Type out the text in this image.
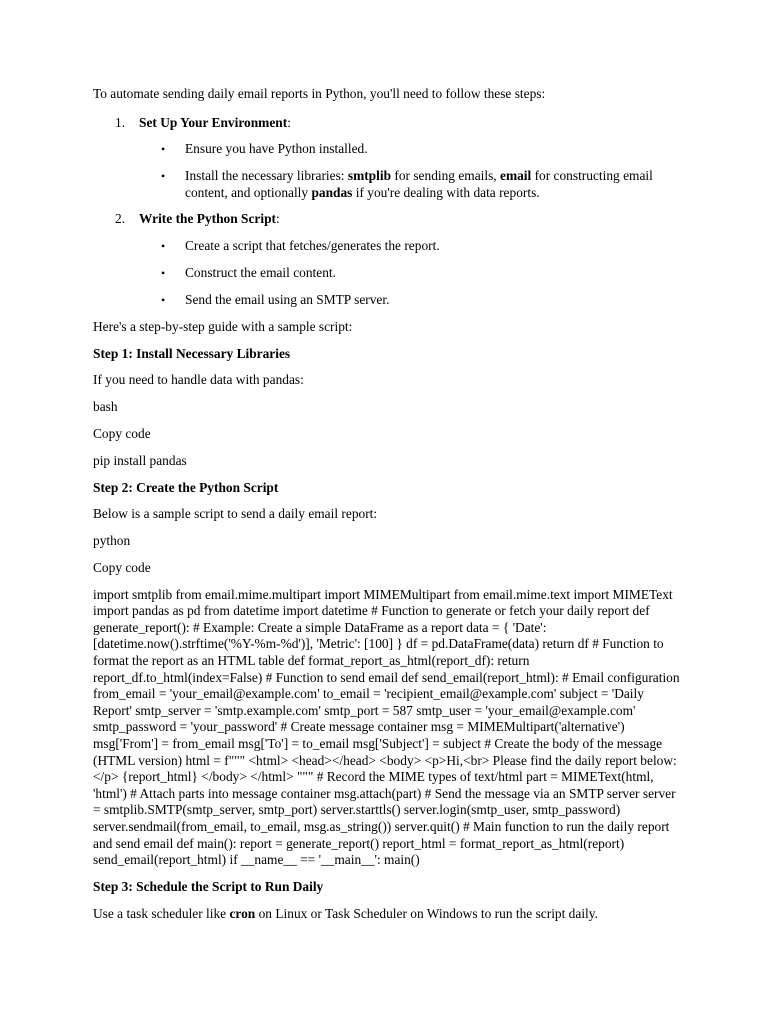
To automate sending daily email reports in Python, you'll need to follow these steps:

1. Set Up Your Environment:
• Ensure you have Python installed.
• Install the necessary libraries: smtplib for sending emails, email for constructing email content, and optionally pandas if you're dealing with data reports.
2. Write the Python Script:
• Create a script that fetches/generates the report.
• Construct the email content.
• Send the email using an SMTP server.

Here's a step-by-step guide with a sample script:

Step 1: Install Necessary Libraries

If you need to handle data with pandas:

bash

Copy code

pip install pandas

Step 2: Create the Python Script

Below is a sample script to send a daily email report:

python

Copy code

import smtplib from email.mime.multipart import MIMEMultipart from email.mime.text import MIMEText import pandas as pd from datetime import datetime # Function to generate or fetch your daily report def generate_report(): # Example: Create a simple DataFrame as a report data = { 'Date': [datetime.now().strftime('%Y-%m-%d')], 'Metric': [100] } df = pd.DataFrame(data) return df # Function to format the report as an HTML table def format_report_as_html(report_df): return report_df.to_html(index=False) # Function to send email def send_email(report_html): # Email configuration from_email = 'your_email@example.com' to_email = 'recipient_email@example.com' subject = 'Daily Report' smtp_server = 'smtp.example.com' smtp_port = 587 smtp_user = 'your_email@example.com' smtp_password = 'your_password' # Create message container msg = MIMEMultipart('alternative') msg['From'] = from_email msg['To'] = to_email msg['Subject'] = subject # Create the body of the message (HTML version) html = f""" <html> <head></head> <body> <p>Hi,<br> Please find the daily report below:</p> {report_html} </body> </html> """ # Record the MIME types of text/html part = MIMEText(html, 'html') # Attach parts into message container msg.attach(part) # Send the message via an SMTP server server = smtplib.SMTP(smtp_server, smtp_port) server.starttls() server.login(smtp_user, smtp_password) server.sendmail(from_email, to_email, msg.as_string()) server.quit() # Main function to run the daily report and send email def main(): report = generate_report() report_html = format_report_as_html(report) send_email(report_html) if __name__ == '__main__': main()

Step 3: Schedule the Script to Run Daily

Use a task scheduler like cron on Linux or Task Scheduler on Windows to run the script daily.
